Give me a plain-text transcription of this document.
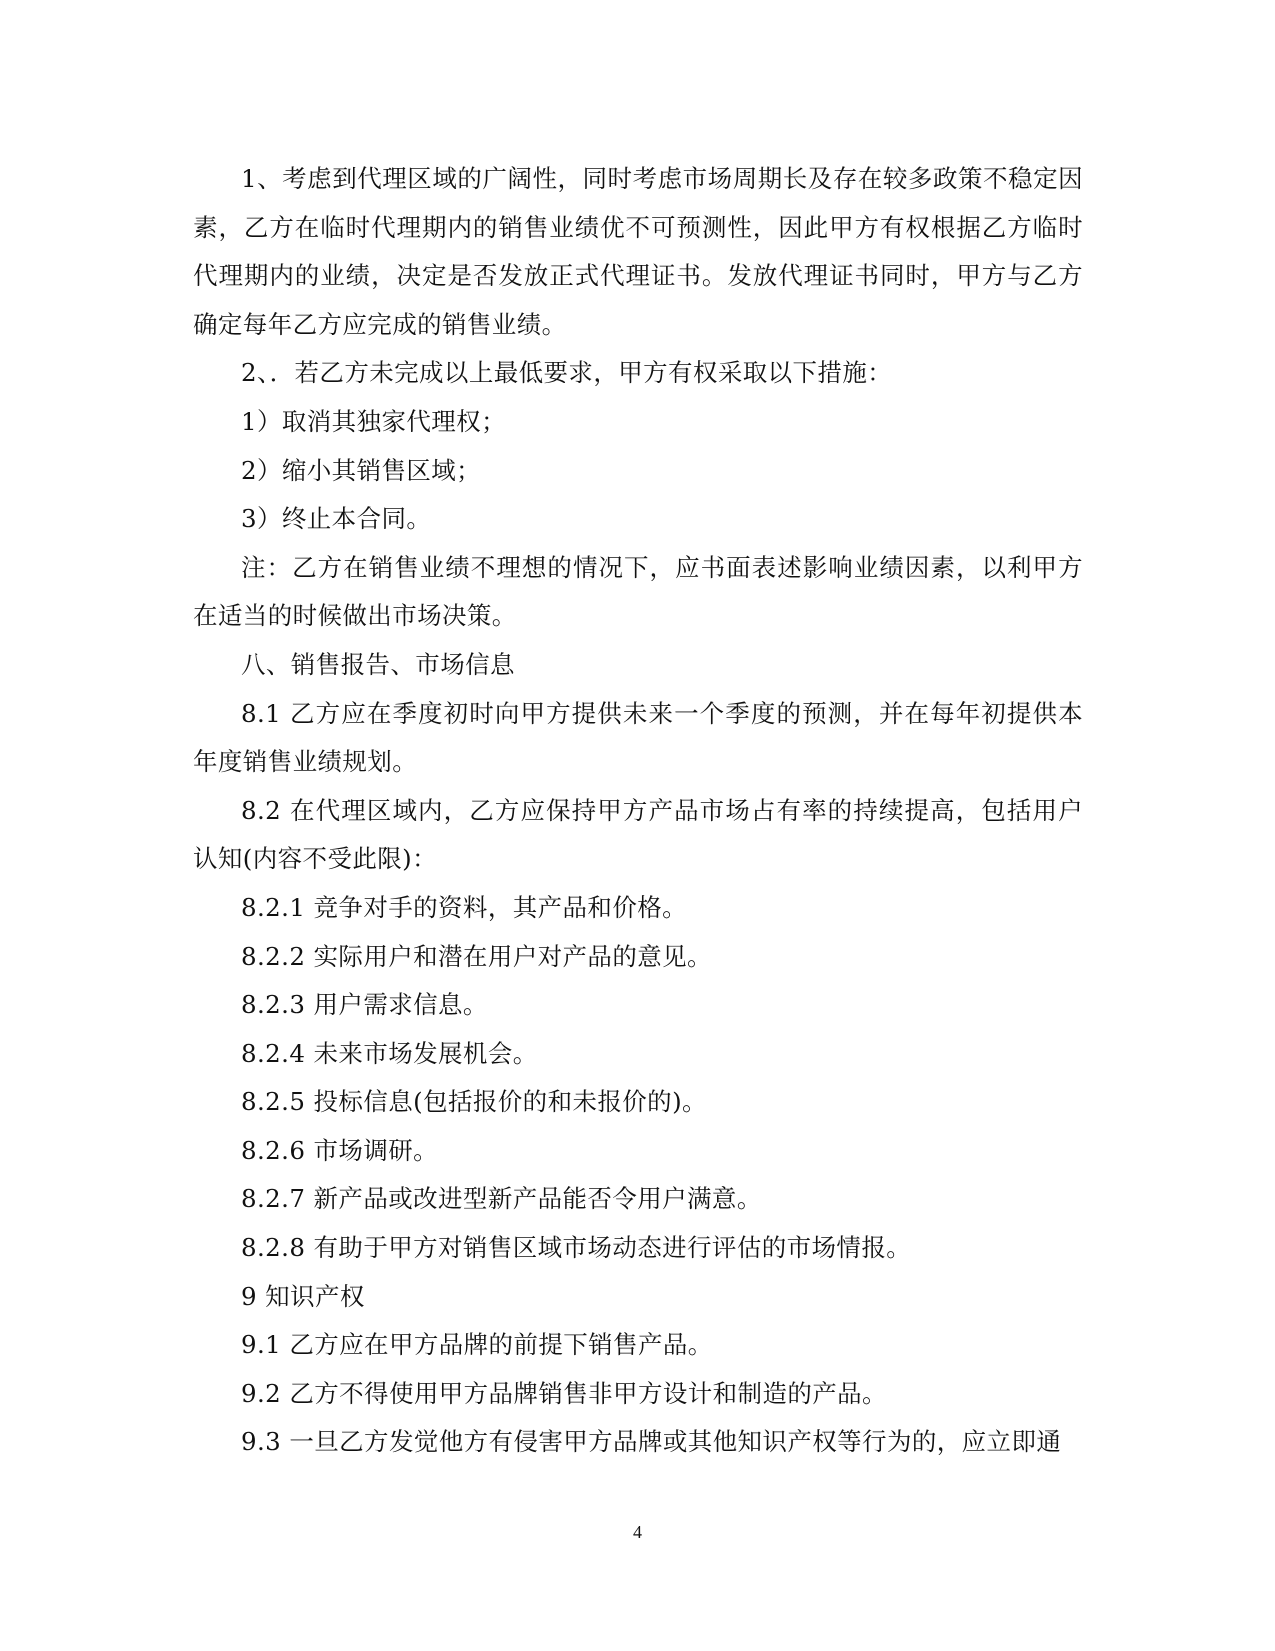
1、考虑到代理区域的广阔性，同时考虑市场周期长及存在较多政策不稳定因素，乙方在临时代理期内的销售业绩优不可预测性，因此甲方有权根据乙方临时代理期内的业绩，决定是否发放正式代理证书。发放代理证书同时，甲方与乙方确定每年乙方应完成的销售业绩。

2、．若乙方未完成以上最低要求，甲方有权采取以下措施：

1）取消其独家代理权；

2）缩小其销售区域；

3）终止本合同。

注：乙方在销售业绩不理想的情况下，应书面表述影响业绩因素，以利甲方在适当的时候做出市场决策。

八、销售报告、市场信息

8.1 乙方应在季度初时向甲方提供未来一个季度的预测，并在每年初提供本年度销售业绩规划。

8.2 在代理区域内，乙方应保持甲方产品市场占有率的持续提高，包括用户认知(内容不受此限)：

8.2.1 竞争对手的资料，其产品和价格。

8.2.2 实际用户和潜在用户对产品的意见。

8.2.3 用户需求信息。

8.2.4 未来市场发展机会。

8.2.5 投标信息(包括报价的和未报价的)。

8.2.6 市场调研。

8.2.7 新产品或改进型新产品能否令用户满意。

8.2.8 有助于甲方对销售区域市场动态进行评估的市场情报。

9 知识产权

9.1 乙方应在甲方品牌的前提下销售产品。

9.2 乙方不得使用甲方品牌销售非甲方设计和制造的产品。

9.3 一旦乙方发觉他方有侵害甲方品牌或其他知识产权等行为的，应立即通

4
